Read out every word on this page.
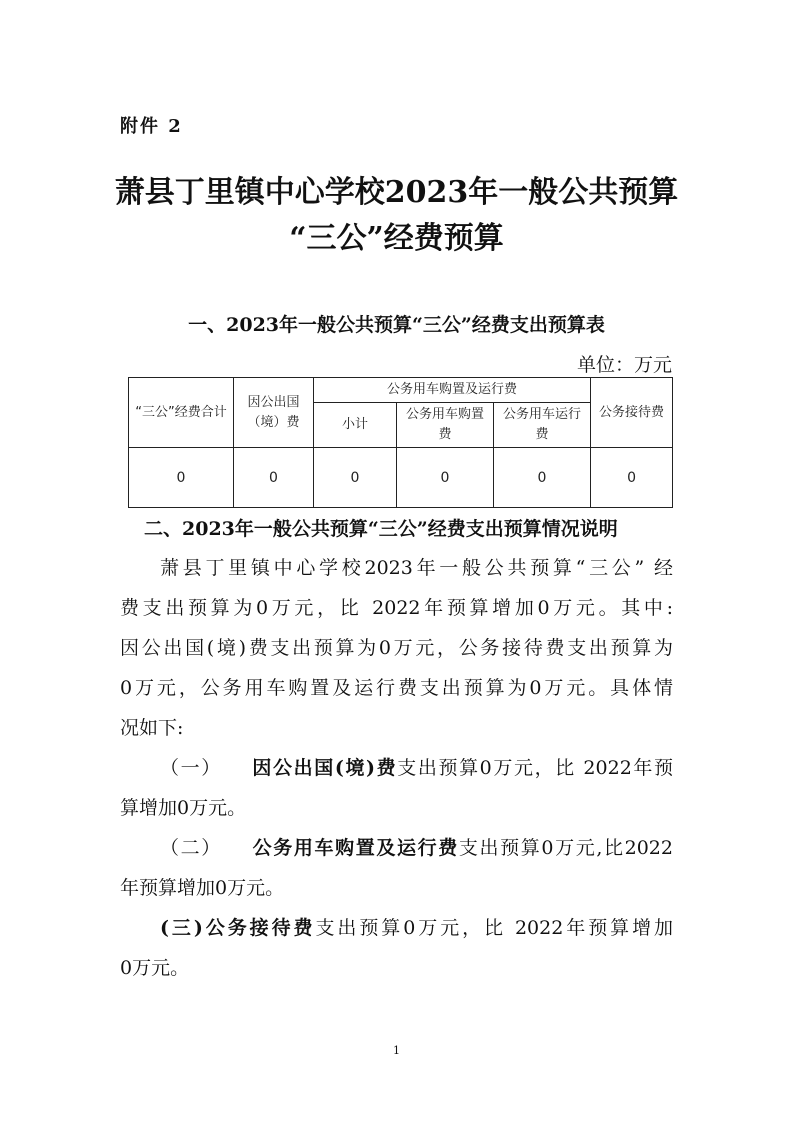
附件 2
萧县丁里镇中心学校2023年一般公共预算
“三公”经费预算
一、2023年一般公共预算“三公”经费支出预算表
单位：万元
“三公”经费合计	因公出国（境）费	公务用车购置及运行费			公务接待费
		小计	公务用车购置费	公务用车运行费	
0	0	0	0	0	0
二、2023年一般公共预算“三公”经费支出预算情况说明
萧县丁里镇中心学校2023年一般公共预算“三公” 经
费支出预算为0万元，比 2022年预算增加0万元。其中:
因公出国(境)费支出预算为0万元，公务接待费支出预算为
0万元，公务用车购置及运行费支出预算为0万元。具体情
况如下:
（一） 因公出国(境)费支出预算0万元，比 2022年预
算增加0万元。
（二） 公务用车购置及运行费支出预算0万元,比2022
年预算增加0万元。
(三)公务接待费支出预算0万元，比 2022年预算增加
0万元。
1
